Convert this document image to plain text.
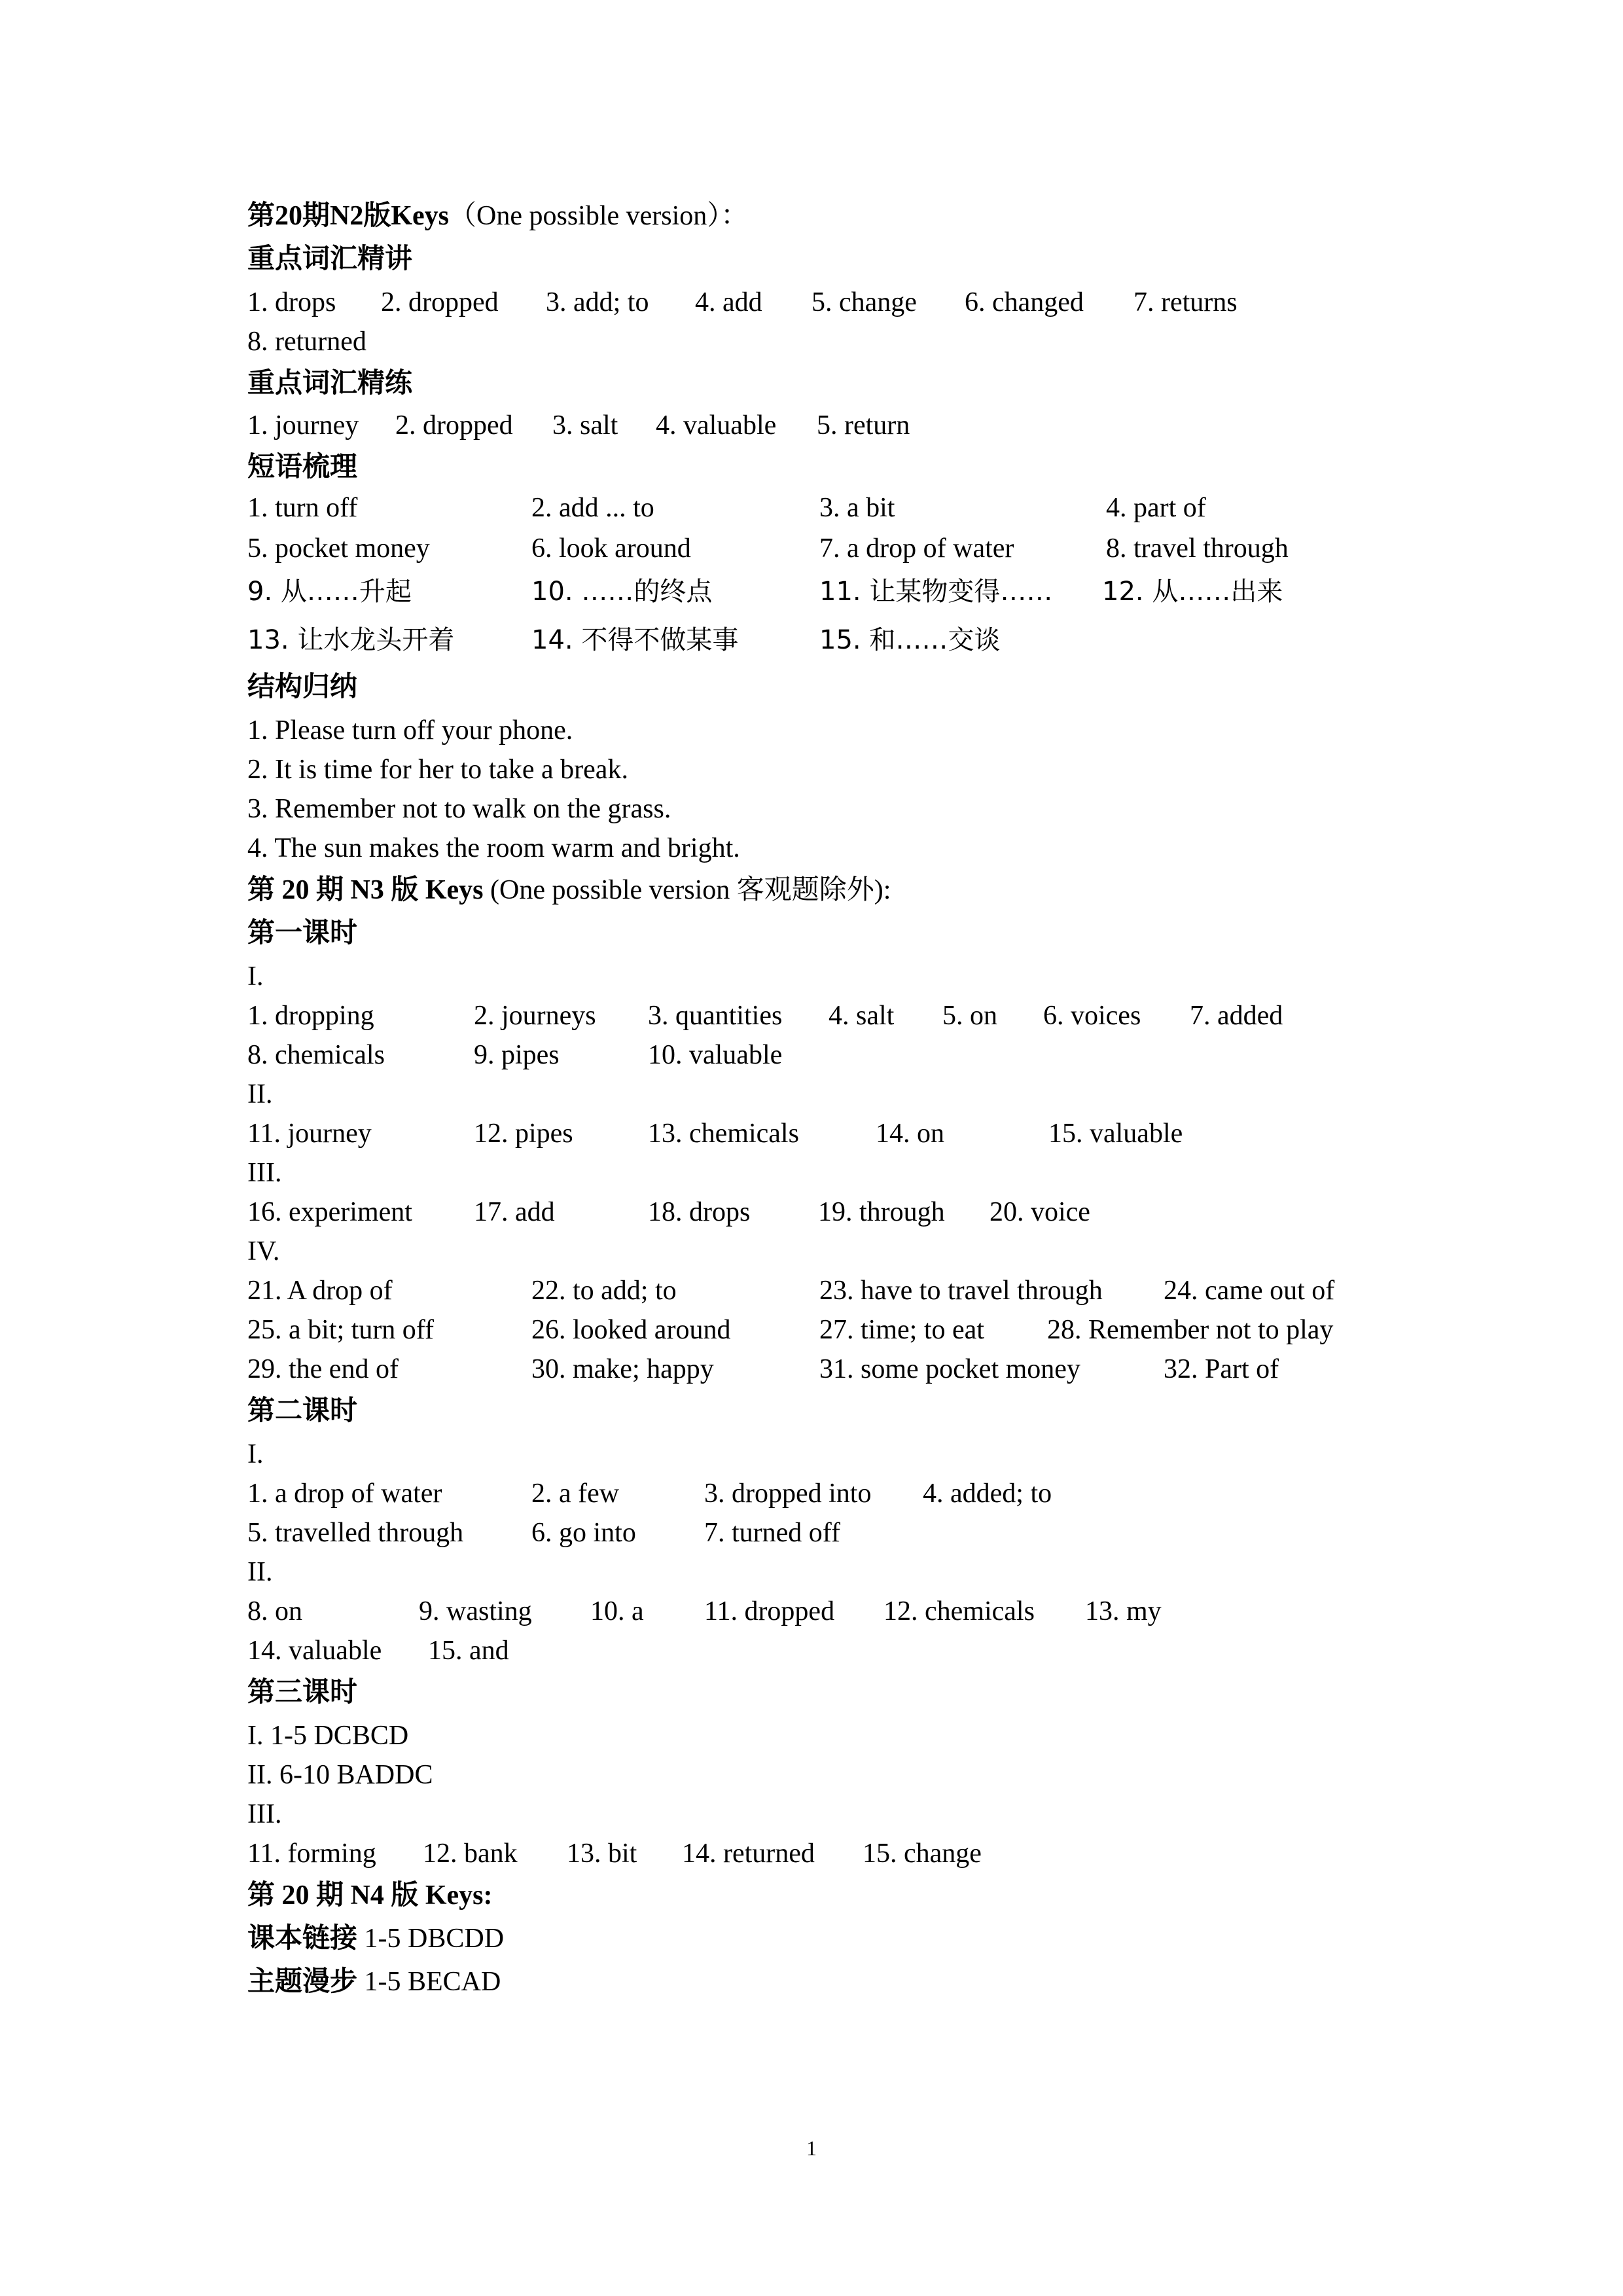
第20期N2版Keys（One possible version）：
重点词汇精讲
1. drops 2. dropped 3. add; to 4. add 5. change 6. changed 7. returns
8. returned
重点词汇精练
1. journey 2. dropped 3. salt 4. valuable 5. return
短语梳理
1. turn off	2. add ... to	3. a bit	4. part of
5. pocket money	6. look around	7. a drop of water	8. travel through
9. 从……升起	10. ……的终点	11. 让某物变得…… 12. 从……出来
13. 让水龙头开着	14. 不得不做某事	15. 和……交谈
结构归纳
1. Please turn off your phone.
2. It is time for her to take a break.
3. Remember not to walk on the grass.
4. The sun makes the room warm and bright.
第 20 期 N3 版 Keys (One possible version 客观题除外):
第一课时
I.
1. dropping	2. journeys 3. quantities 4. salt 5. on 6. voices 7. added
8. chemicals	9. pipes	10. valuable
II.
11. journey	12. pipes	13. chemicals	14. on	15. valuable
III.
16. experiment 17. add	18. drops 19. through 20. voice
IV.
21. A drop of	22. to add; to	23. have to travel through 24. came out of
25. a bit; turn off	26. looked around	27. time; to eat 28. Remember not to play
29. the end of	30. make; happy	31. some pocket money	32. Part of
第二课时
I.
1. a drop of water	2. a few	3. dropped into 4. added; to
5. travelled through 6. go into 7. turned off
II.
8. on	9. wasting 10. a 11. dropped 12. chemicals 13. my
14. valuable 15. and
第三课时
I. 1-5 DCBCD
II. 6-10 BADDC
III.
11. forming 12. bank 13. bit 14. returned 15. change
第 20 期 N4 版 Keys:
课本链接 1-5 DBCDD
主题漫步 1-5 BECAD
1
